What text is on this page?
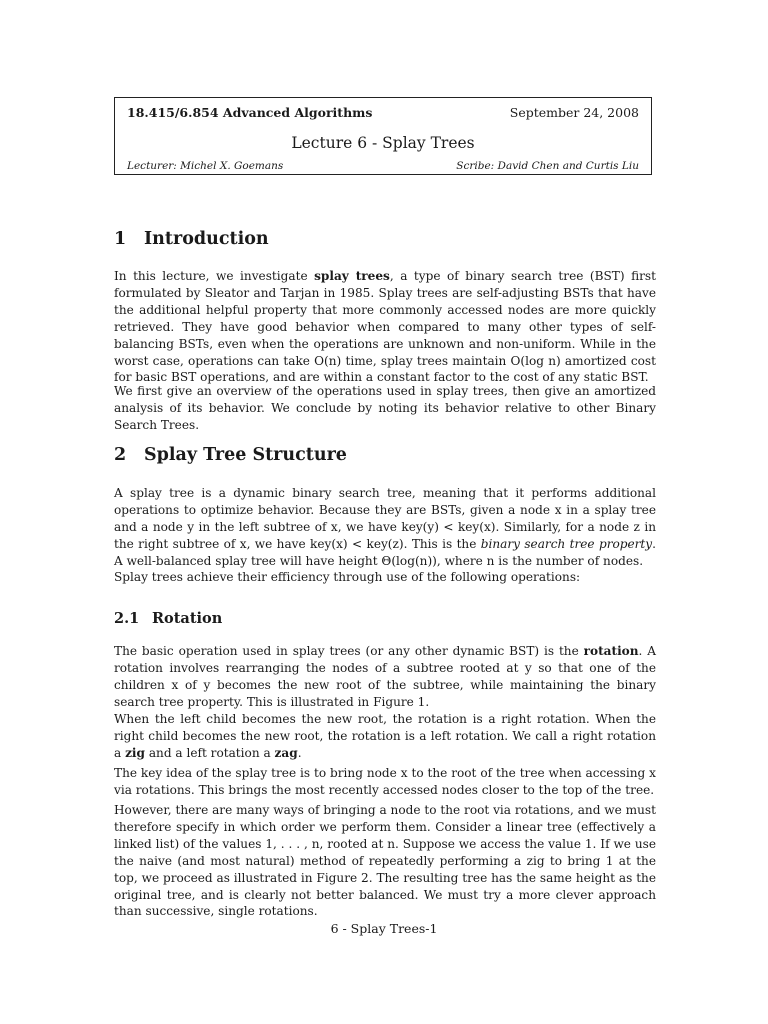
18.415/6.854 Advanced Algorithms	September 24, 2008
Lecture 6 - Splay Trees
Lecturer: Michel X. Goemans	Scribe: David Chen and Curtis Liu
1 Introduction
In this lecture, we investigate splay trees, a type of binary search tree (BST) first formulated by Sleator and Tarjan in 1985. Splay trees are self-adjusting BSTs that have the additional helpful property that more commonly accessed nodes are more quickly retrieved. They have good behavior when compared to many other types of self-balancing BSTs, even when the operations are unknown and non-uniform. While in the worst case, operations can take O(n) time, splay trees maintain O(log n) amortized cost for basic BST operations, and are within a constant factor to the cost of any static BST.
We first give an overview of the operations used in splay trees, then give an amortized analysis of its behavior. We conclude by noting its behavior relative to other Binary Search Trees.
2 Splay Tree Structure
A splay tree is a dynamic binary search tree, meaning that it performs additional operations to optimize behavior. Because they are BSTs, given a node x in a splay tree and a node y in the left subtree of x, we have key(y) < key(x). Similarly, for a node z in the right subtree of x, we have key(x) < key(z). This is the binary search tree property. A well-balanced splay tree will have height Θ(log(n)), where n is the number of nodes.
Splay trees achieve their efficiency through use of the following operations:
2.1 Rotation
The basic operation used in splay trees (or any other dynamic BST) is the rotation. A rotation involves rearranging the nodes of a subtree rooted at y so that one of the children x of y becomes the new root of the subtree, while maintaining the binary search tree property. This is illustrated in Figure 1.
When the left child becomes the new root, the rotation is a right rotation. When the right child becomes the new root, the rotation is a left rotation. We call a right rotation a zig and a left rotation a zag.
The key idea of the splay tree is to bring node x to the root of the tree when accessing x via rotations. This brings the most recently accessed nodes closer to the top of the tree.
However, there are many ways of bringing a node to the root via rotations, and we must therefore specify in which order we perform them. Consider a linear tree (effectively a linked list) of the values 1, . . . , n, rooted at n. Suppose we access the value 1. If we use the naive (and most natural) method of repeatedly performing a zig to bring 1 at the top, we proceed as illustrated in Figure 2. The resulting tree has the same height as the original tree, and is clearly not better balanced. We must try a more clever approach than successive, single rotations.
6 - Splay Trees-1
